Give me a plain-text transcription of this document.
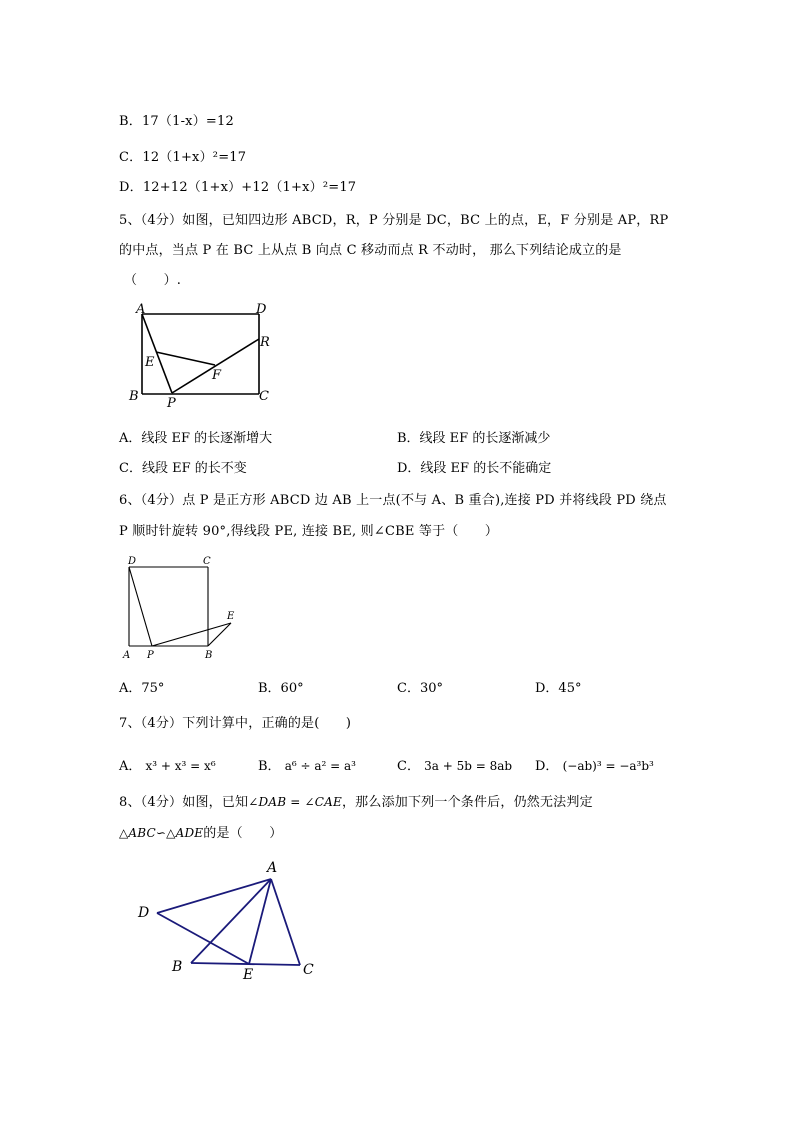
B．17（1-x）=12
C．12（1+x）²=17
D．12+12（1+x）+12（1+x）²=17
5、（4分）如图，已知四边形 ABCD，R，P 分别是 DC，BC 上的点，E，F 分别是 AP，RP
的中点，当点 P 在 BC 上从点 B 向点 C 移动而点 R 不动时， 那么下列结论成立的是
（　　）.
A	D
R
E
F
B P	C
A．线段 EF 的长逐渐增大	B．线段 EF 的长逐渐减少
C．线段 EF 的长不变	D．线段 EF 的长不能确定
6、（4分）点 P 是正方形 ABCD 边 AB 上一点(不与 A、B 重合),连接 PD 并将线段 PD 绕点
P 顺时针旋转 90°,得线段 PE, 连接 BE, 则∠CBE 等于（　　）
D	C
E
A P	B
A．75°	B．60°	C．30°	D．45°
7、（4分）下列计算中，正确的是(　　)
A． x³ + x³ = x⁶	B． a⁶ ÷ a² = a³	C． 3a + 5b = 8ab D． (−ab)³ = −a³b³
8、（4分）如图，已知∠DAB = ∠CAE，那么添加下列一个条件后，仍然无法判定
△ABC∽△ADE的是（　　）
A
D
B	E	C
